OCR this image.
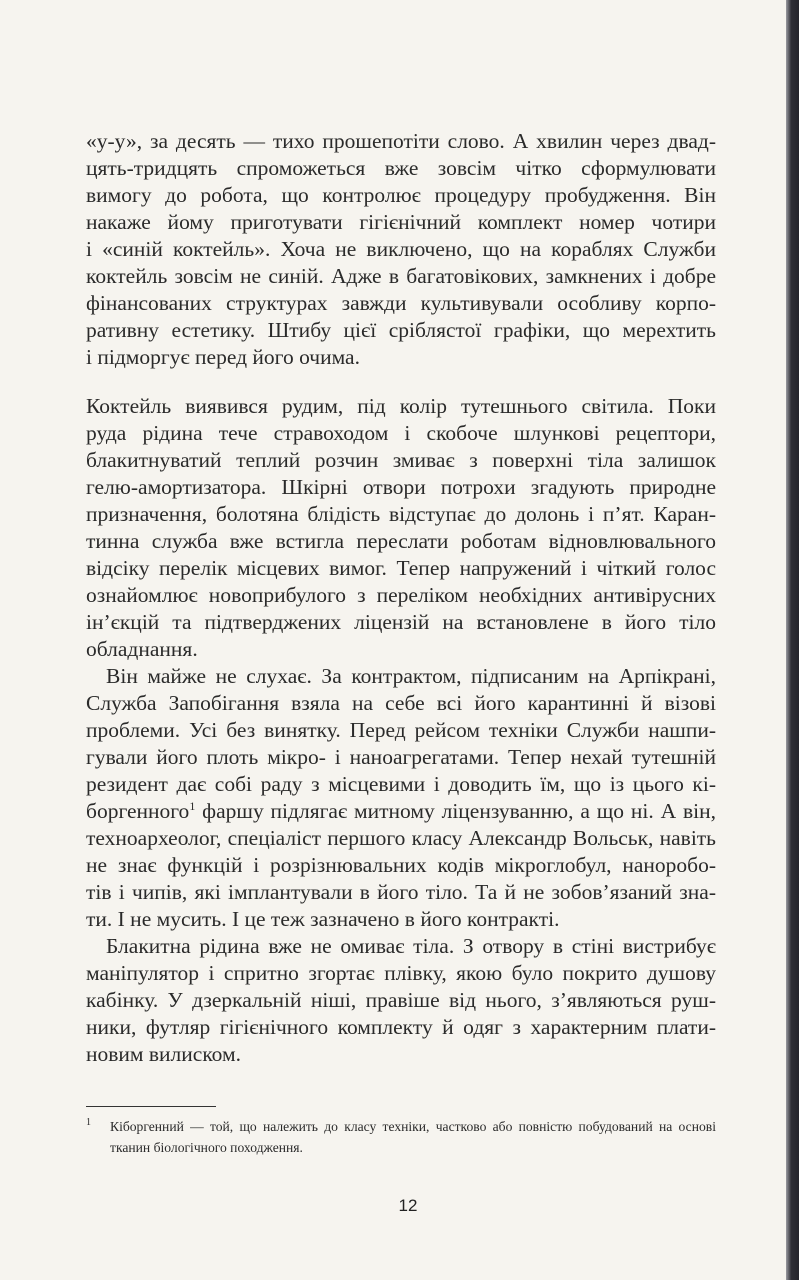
«у-у», за десять — тихо прошепотіти слово. А хвилин через двад-
цять-тридцять спроможеться вже зовсім чітко сформулювати
вимогу до робота, що контролює процедуру пробудження. Він
накаже йому приготувати гігієнічний комплект номер чотири
і «синій коктейль». Хоча не виключено, що на кораблях Служби
коктейль зовсім не синій. Адже в багатовікових, замкнених і добре
фінансованих структурах завжди культивували особливу корпо-
ративну естетику. Штибу цієї сріблястої графіки, що мерехтить
і підморгує перед його очима.
Коктейль виявився рудим, під колір тутешнього світила. Поки
руда рідина тече стравоходом і скобоче шлункові рецептори,
блакитнуватий теплий розчин змиває з поверхні тіла залишок
гелю-амортизатора. Шкірні отвори потрохи згадують природне
призначення, болотяна блідість відступає до долонь і п’ят. Каран-
тинна служба вже встигла переслати роботам відновлювального
відсіку перелік місцевих вимог. Тепер напружений і чіткий голос
ознайомлює новоприбулого з переліком необхідних антивірусних
ін’єкцій та підтверджених ліцензій на встановлене в його тіло
обладнання.
Він майже не слухає. За контрактом, підписаним на Арпікрані,
Служба Запобігання взяла на себе всі його карантинні й візові
проблеми. Усі без винятку. Перед рейсом техніки Служби нашпи-
гували його плоть мікро- і наноагрегатами. Тепер нехай тутешній
резидент дає собі раду з місцевими і доводить їм, що із цього кі-
боргенного$^1$ фаршу підлягає митному ліцензуванню, а що ні. А він,
техноархеолог, спеціаліст першого класу Александр Вольськ, навіть
не знає функцій і розрізнювальних кодів мікроглобул, наноробо-
тів і чипів, які імплантували в його тіло. Та й не зобов’язаний зна-
ти. І не мусить. І це теж зазначено в його контракті.
Блакитна рідина вже не омиває тіла. З отвору в стіні вистрибує
маніпулятор і спритно згортає плівку, якою було покрито душову
кабінку. У дзеркальній ніші, правіше від нього, з’являються руш-
ники, футляр гігієнічного комплекту й одяг з характерним плати-
новим вилиском.
1 Кіборгенний — той, що належить до класу техніки, частково або повністю побудований на основі
тканин біологічного походження.
12
